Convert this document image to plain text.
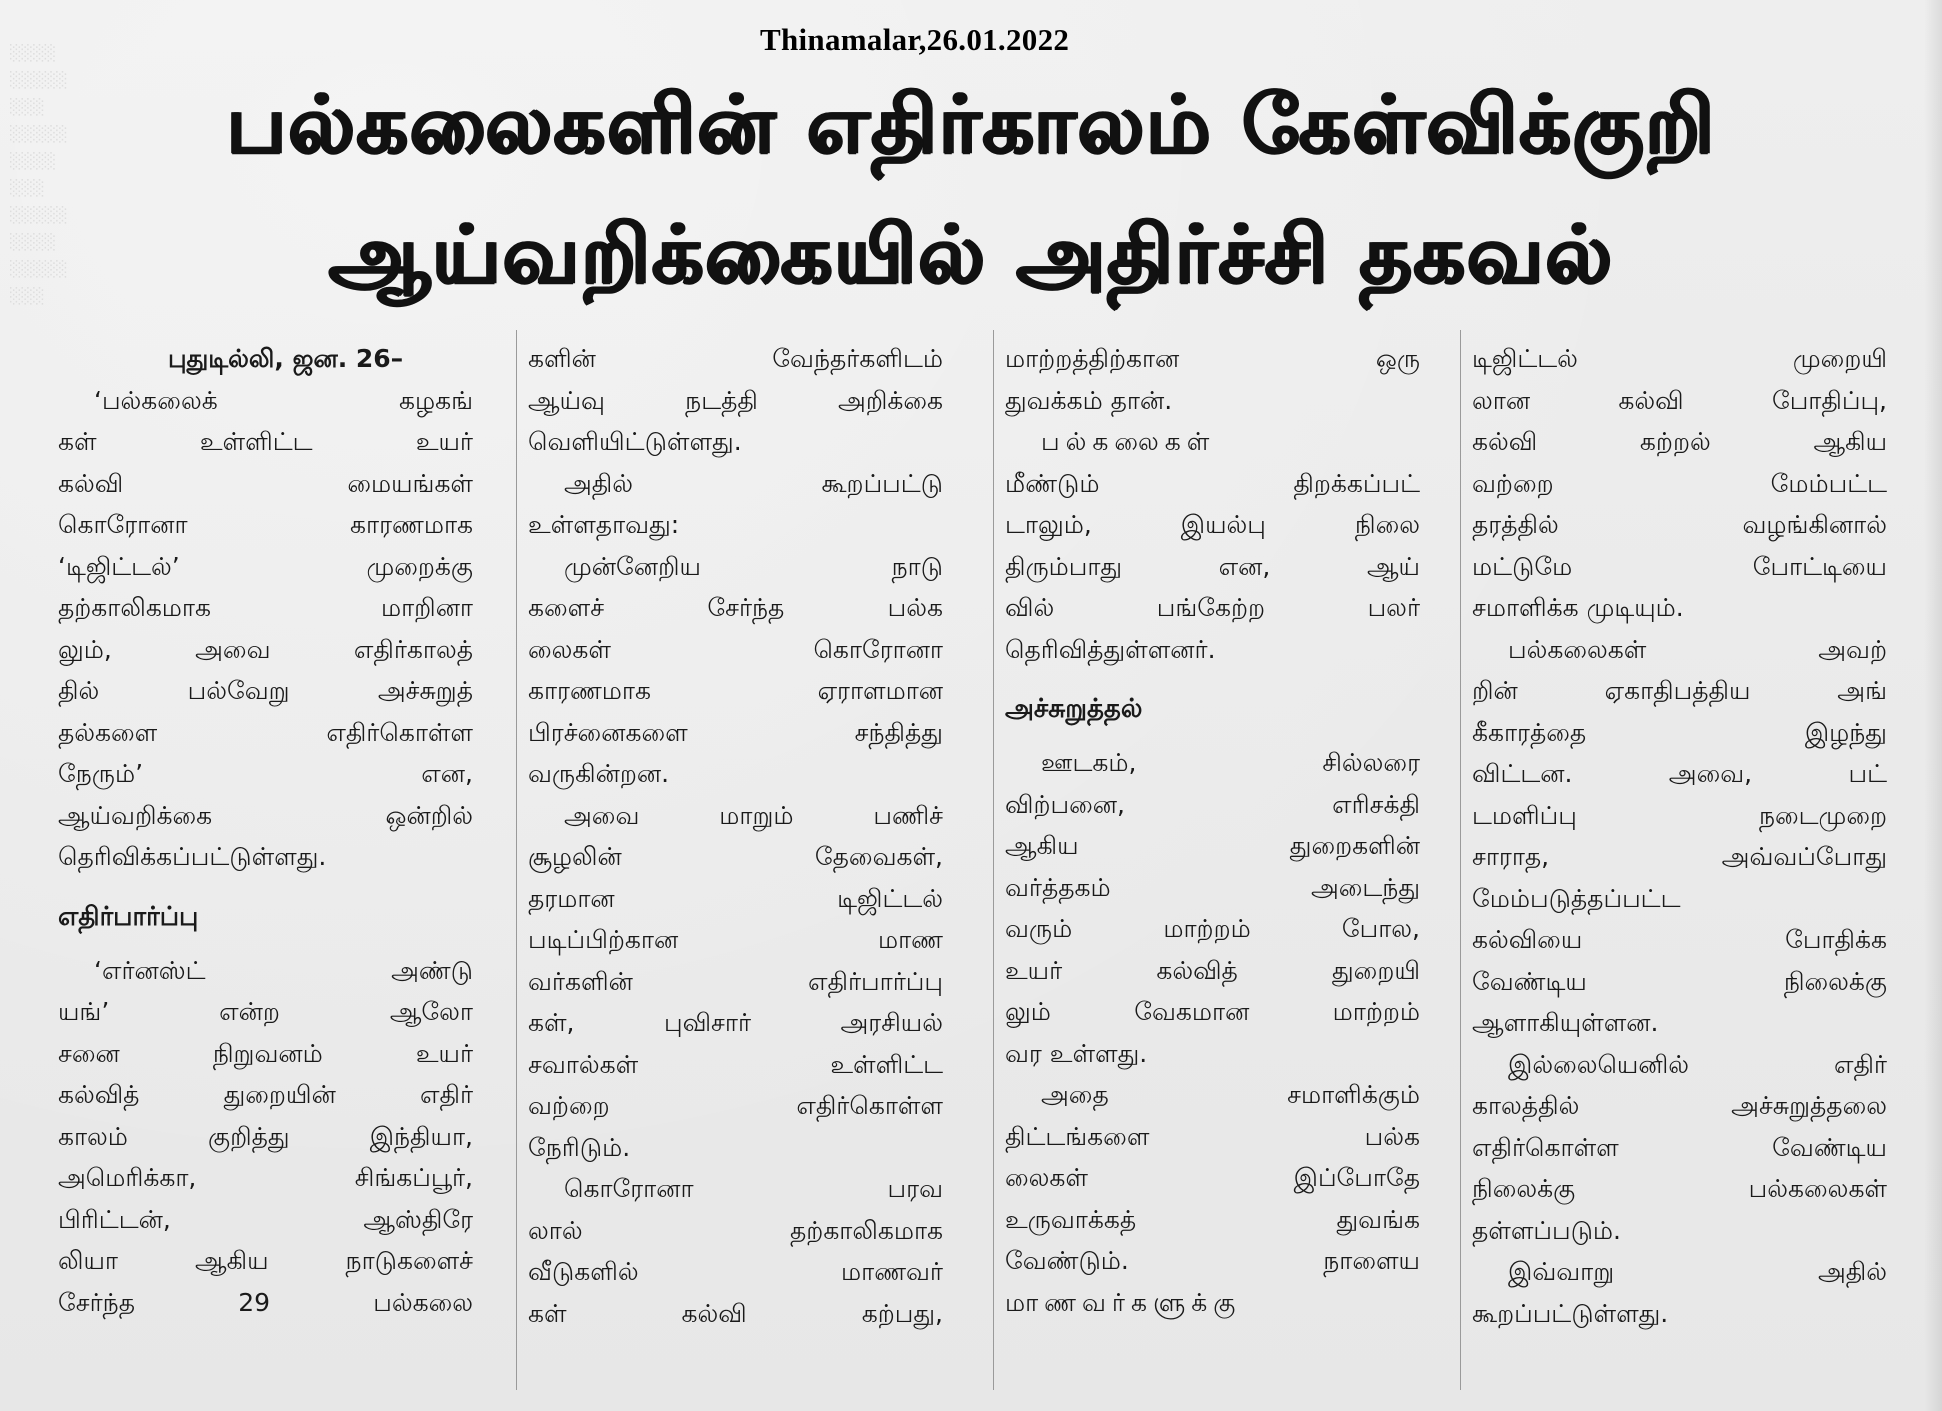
░░░░
░░░░░
░░░
░░░░░
░░░░
░░░
░░░░░
░░░░
░░░░░
░░░
Thinamalar,26.01.2022
பல்கலைகளின் எதிர்காலம் கேள்விக்குறி
ஆய்வறிக்கையில் அதிர்ச்சி தகவல்

புதுடில்லி, ஜன. 26–

‘பல்கலைக் கழகங்

கள் உள்ளிட்ட உயர்

கல்வி மையங்கள்

கொரோனா காரணமாக

‘டிஜிட்டல்’ முறைக்கு

தற்காலிகமாக மாறினா

லும், அவை எதிர்காலத்

தில் பல்வேறு அச்சுறுத்

தல்களை எதிர்கொள்ள

நேரும்’ என,

ஆய்வறிக்கை ஒன்றில்

தெரிவிக்கப்பட்டுள்ளது.

எதிர்பார்ப்பு

‘எர்னஸ்ட் அண்டு

யங்’ என்ற ஆலோ

சனை நிறுவனம் உயர்

கல்வித் துறையின் எதிர்

காலம் குறித்து இந்தியா,

அமெரிக்கா, சிங்கப்பூர்,

பிரிட்டன், ஆஸ்திரே

லியா ஆகிய நாடுகளைச்

சேர்ந்த 29 பல்கலை

களின் வேந்தர்களிடம்

ஆய்வு நடத்தி அறிக்கை

வெளியிட்டுள்ளது.

அதில் கூறப்பட்டு

உள்ளதாவது:

முன்னேறிய நாடு

களைச் சேர்ந்த பல்க

லைகள் கொரோனா

காரணமாக ஏராளமான

பிரச்னைகளை சந்தித்து

வருகின்றன.

அவை மாறும் பணிச்

சூழலின் தேவைகள்,

தரமான டிஜிட்டல்

படிப்பிற்கான மாண

வர்களின் எதிர்பார்ப்பு

கள், புவிசார் அரசியல்

சவால்கள் உள்ளிட்ட

வற்றை எதிர்கொள்ள

நேரிடும்.

கொரோனா பரவ

லால் தற்காலிகமாக

வீடுகளில் மாணவர்

கள் கல்வி கற்பது,

மாற்றத்திற்கான ஒரு

துவக்கம் தான்.

பல்கலைகள்

மீண்டும் திறக்கப்பட்

டாலும், இயல்பு நிலை

திரும்பாது என, ஆய்

வில் பங்கேற்ற பலர்

தெரிவித்துள்ளனர்.

அச்சுறுத்தல்

ஊடகம், சில்லரை

விற்பனை, எரிசக்தி

ஆகிய துறைகளின்

வர்த்தகம் அடைந்து

வரும் மாற்றம் போல,

உயர் கல்வித் துறையி

லும் வேகமான மாற்றம்

வர உள்ளது.

அதை சமாளிக்கும்

திட்டங்களை பல்க

லைகள் இப்போதே

உருவாக்கத் துவங்க

வேண்டும். நாளைய

மாணவர்களுக்கு

டிஜிட்டல் முறையி

லான கல்வி போதிப்பு,

கல்வி கற்றல் ஆகிய

வற்றை மேம்பட்ட

தரத்தில் வழங்கினால்

மட்டுமே போட்டியை

சமாளிக்க முடியும்.

பல்கலைகள் அவற்

றின் ஏகாதிபத்திய அங்

கீகாரத்தை இழந்து

விட்டன. அவை, பட்

டமளிப்பு நடைமுறை

சாராத, அவ்வப்போது

மேம்படுத்தப்பட்ட

கல்வியை போதிக்க

வேண்டிய நிலைக்கு

ஆளாகியுள்ளன.

இல்லையெனில் எதிர்

காலத்தில் அச்சுறுத்தலை

எதிர்கொள்ள வேண்டிய

நிலைக்கு பல்கலைகள்

தள்ளப்படும்.

இவ்வாறு அதில்

கூறப்பட்டுள்ளது.
